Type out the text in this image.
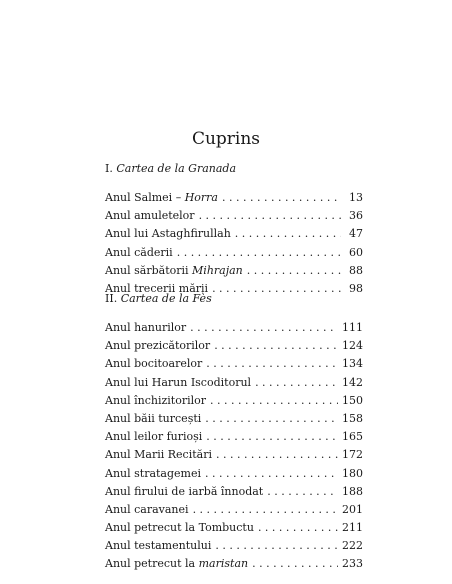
Cuprins
I. Cartea de la Granada
Anul Salmei – Horra . . .	13
Anul amuletelor . . .	36
Anul lui Astaghfirullah . . .	47
Anul căderii . . .	60
Anul sărbătorii Mihrajan . . .	88
Anul trecerii mării . . .	98
II. Cartea de la Fès
Anul hanurilor . . .	111
Anul prezicătorilor . . .	124
Anul bocitoarelor . . .	134
Anul lui Harun Iscoditorul . . .	142
Anul închizitorilor . . .	150
Anul băii turcești . . .	158
Anul leilor furioși . . .	165
Anul Marii Recitări . . .	172
Anul stratagemei . . .	180
Anul firului de iarbă înnodat . . .	188
Anul caravanei . . .	201
Anul petrecut la Tombuctu . . .	211
Anul testamentului . . .	222
Anul petrecut la maristan . . .	233
